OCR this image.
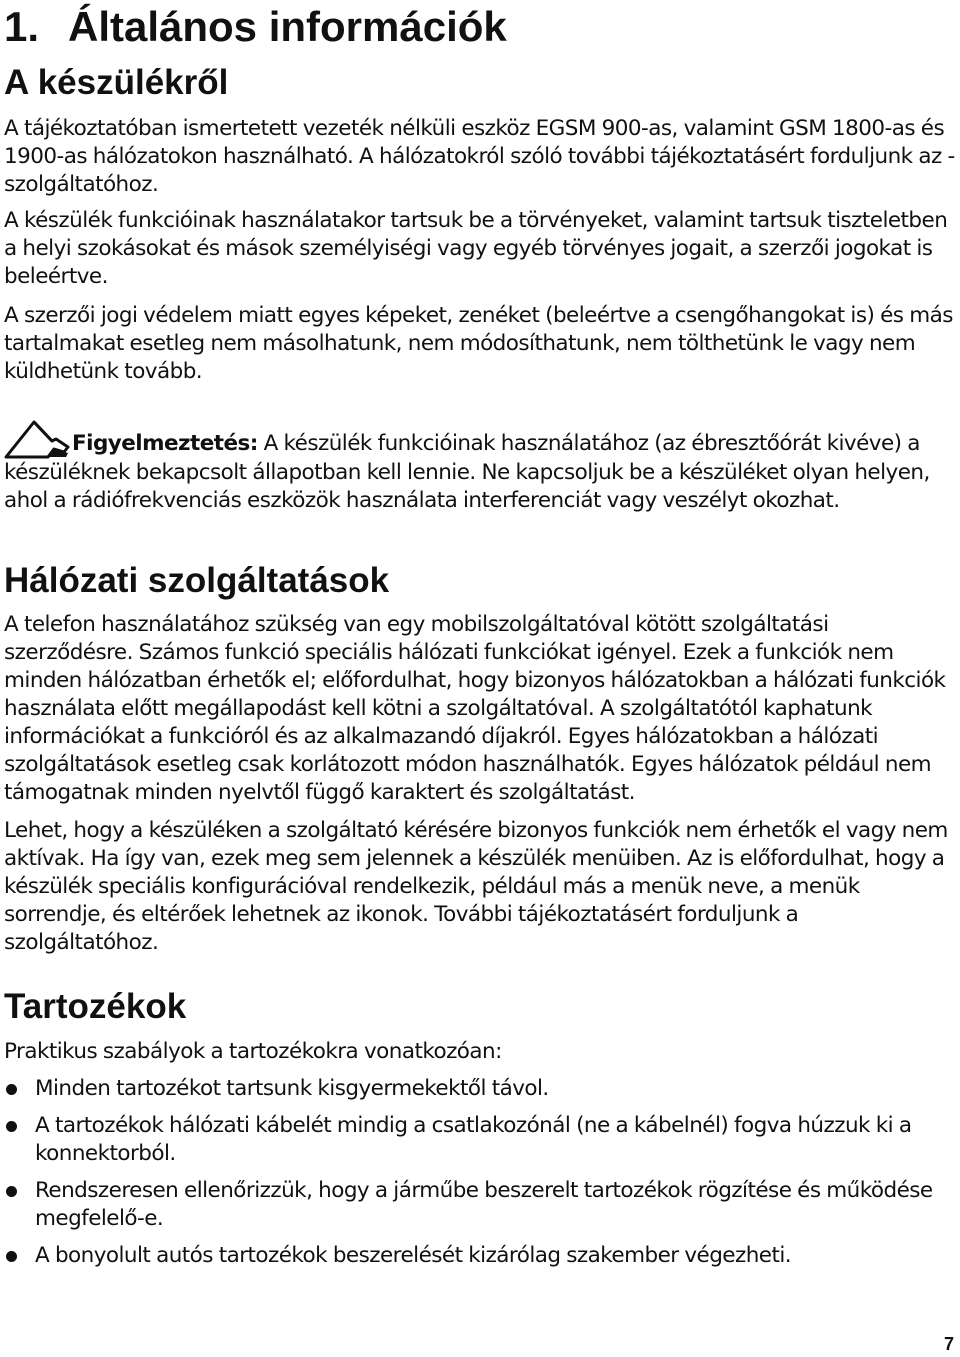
1. Általános információk
A készülékről

A tájékoztatóban ismertetett vezeték nélküli eszköz EGSM 900-as, valamint GSM 1800-as és 1900-as hálózatokon használható. A hálózatokról szóló további tájékoztatásért forduljunk az -szolgáltatóhoz.

A készülék funkcióinak használatakor tartsuk be a törvényeket, valamint tartsuk tiszteletben a helyi szokásokat és mások személyiségi vagy egyéb törvényes jogait, a szerzői jogokat is beleértve.

A szerzői jogi védelem miatt egyes képeket, zenéket (beleértve a csengőhangokat is) és más tartalmakat esetleg nem másolhatunk, nem módosíthatunk, nem tölthetünk le vagy nem küldhetünk tovább.

Figyelmeztetés: A készülék funkcióinak használatához (az ébresztőórát kivéve) a készüléknek bekapcsolt állapotban kell lennie. Ne kapcsoljuk be a készüléket olyan helyen, ahol a rádiófrekvenciás eszközök használata interferenciát vagy veszélyt okozhat.

Hálózati szolgáltatások

A telefon használatához szükség van egy mobilszolgáltatóval kötött szolgáltatási szerződésre. Számos funkció speciális hálózati funkciókat igényel. Ezek a funkciók nem minden hálózatban érhetők el; előfordulhat, hogy bizonyos hálózatokban a hálózati funkciók használata előtt megállapodást kell kötni a szolgáltatóval. A szolgáltatótól kaphatunk információkat a funkcióról és az alkalmazandó díjakról. Egyes hálózatokban a hálózati szolgáltatások esetleg csak korlátozott módon használhatók. Egyes hálózatok például nem támogatnak minden nyelvtől függő karaktert és szolgáltatást.

Lehet, hogy a készüléken a szolgáltató kérésére bizonyos funkciók nem érhetők el vagy nem aktívak. Ha így van, ezek meg sem jelennek a készülék menüiben. Az is előfordulhat, hogy a készülék speciális konfigurációval rendelkezik, például más a menük neve, a menük sorrendje, és eltérőek lehetnek az ikonok. További tájékoztatásért forduljunk a szolgáltatóhoz.

Tartozékok

Praktikus szabályok a tartozékokra vonatkozóan:

Minden tartozékot tartsunk kisgyermekektől távol.
A tartozékok hálózati kábelét mindig a csatlakozónál (ne a kábelnél) fogva húzzuk ki a konnektorból.
Rendszeresen ellenőrizzük, hogy a járműbe beszerelt tartozékok rögzítése és működése megfelelő-e.
A bonyolult autós tartozékok beszerelését kizárólag szakember végezheti.
7
